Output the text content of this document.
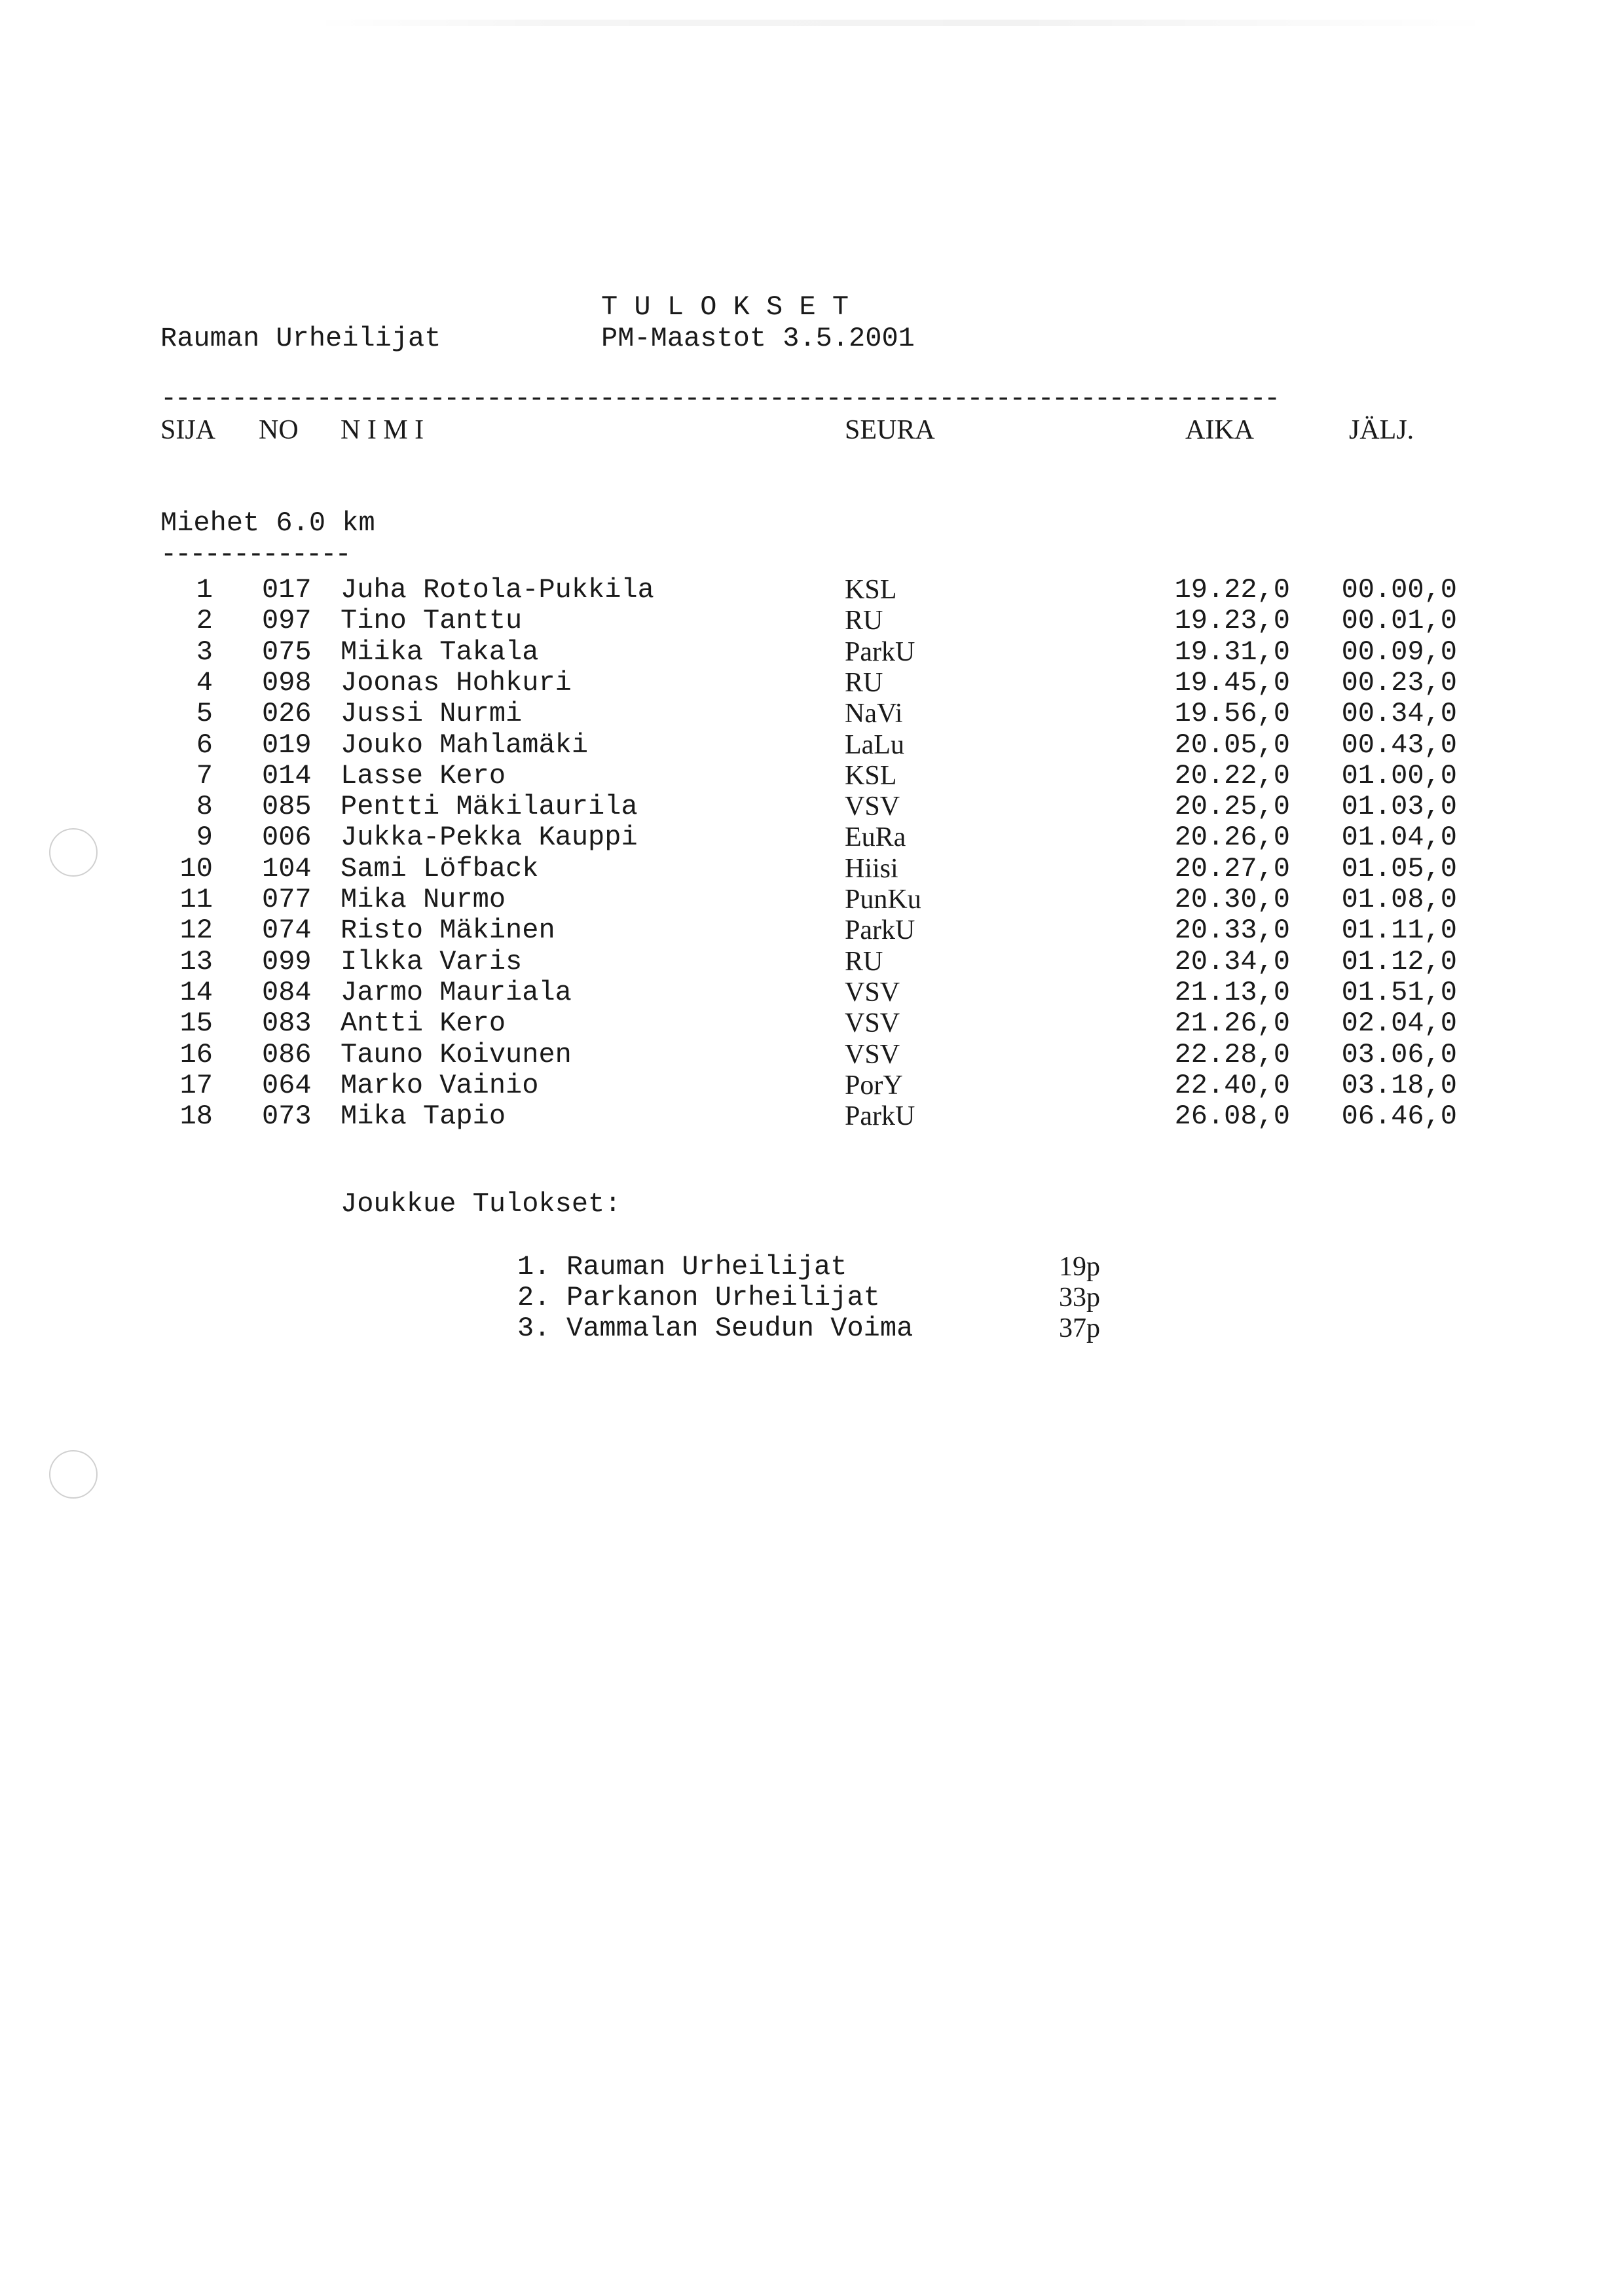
T U L O K S E T
Rauman Urheilijat	PM-Maastot 3.5.2001
-------------------------------------------------------------------------------
SIJA NO N I M I	SEURA	AIKA	JÄLJ.
Miehet 6.0 km
-------------
1 017	Juha Rotola-Pukkila	KSL	19.22,0	00.00,0
2 097	Tino Tanttu	RU	19.23,0	00.01,0
3 075	Miika Takala	ParkU	19.31,0	00.09,0
4 098	Joonas Hohkuri	RU	19.45,0	00.23,0
5 026	Jussi Nurmi	NaVi	19.56,0	00.34,0
6 019	Jouko Mahlamäki	LaLu	20.05,0	00.43,0
7 014	Lasse Kero	KSL	20.22,0	01.00,0
8 085	Pentti Mäkilaurila	VSV	20.25,0	01.03,0
9 006	Jukka-Pekka Kauppi	EuRa	20.26,0	01.04,0
10 104	Sami Löfback	Hiisi	20.27,0	01.05,0
11 077	Mika Nurmo	PunKu	20.30,0	01.08,0
12 074	Risto Mäkinen	ParkU	20.33,0	01.11,0
13 099	Ilkka Varis	RU	20.34,0	01.12,0
14 084	Jarmo Mauriala	VSV	21.13,0	01.51,0
15 083	Antti Kero	VSV	21.26,0	02.04,0
16 086	Tauno Koivunen	VSV	22.28,0	03.06,0
17 064	Marko Vainio	PorY	22.40,0	03.18,0
18 073	Mika Tapio	ParkU	26.08,0	06.46,0
Joukkue Tulokset:
1. Rauman Urheilijat	19p
2. Parkanon Urheilijat	33p
3. Vammalan Seudun Voima	37p
